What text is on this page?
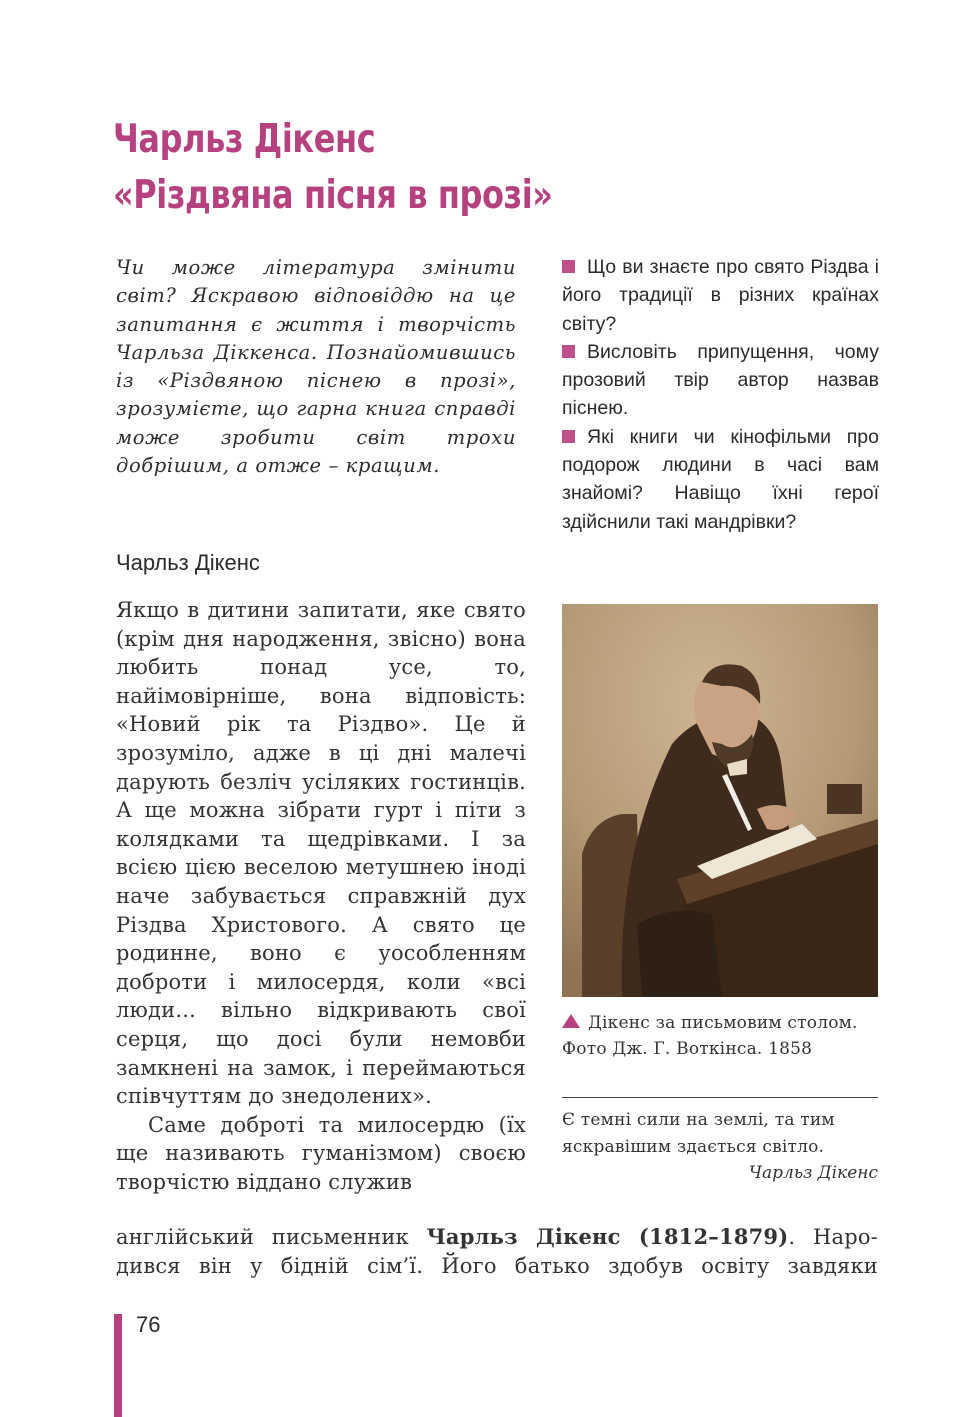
Чарльз Дікенс
«Різдвяна пісня в прозі»

Чи може література змінити світ? Яскравою відповіддю на це запитання є життя і творчість Чарльза Діккенса. Познайомившись із «Різдвяною піснею в прозі», зрозумієте, що гарна книга справді може зробити світ трохи добрішим, а отже – кращим.

Що ви знаєте про свято Різдва і його традиції в різних країнах світу?
Висловіть припущення, чому прозовий твір автор назвав піснею.
Які книги чи кінофільми про подорож людини в часі вам знайомі? Навіщо їхні герої здійснили такі мандрівки?
Чарльз Дікенс

Якщо в дитини запитати, яке свято (крім дня народження, звісно) вона любить понад усе, то, найімовірніше, вона відповість: «Новий рік та Різдво». Це й зрозуміло, адже в ці дні малечі дарують безліч усіляких гостинців. А ще можна зібрати гурт і піти з колядками та щедрівками. І за всією цією веселою метушнею іноді наче забувається справжній дух Різдва Христового. А свято це родинне, воно є уособленням доброти і милосердя, коли «всі люди... вільно відкривають свої серця, що досі були немовби замкнені на замок, і переймаються співчуттям до знедолених».

Саме доброті та милосердю (їх ще називають гуманізмом) своєю творчістю віддано служив

Дікенс за письмовим столом. Фото Дж. Г. Воткінса. 1858

Є темні сили на землі, та тим яскравішим здається світло.

Чарльз Дікенс

англійський письменник Чарльз Дікенс (1812–1879). Наро-
дився він у бідній сім’ї. Його батько здобув освіту завдяки

76
